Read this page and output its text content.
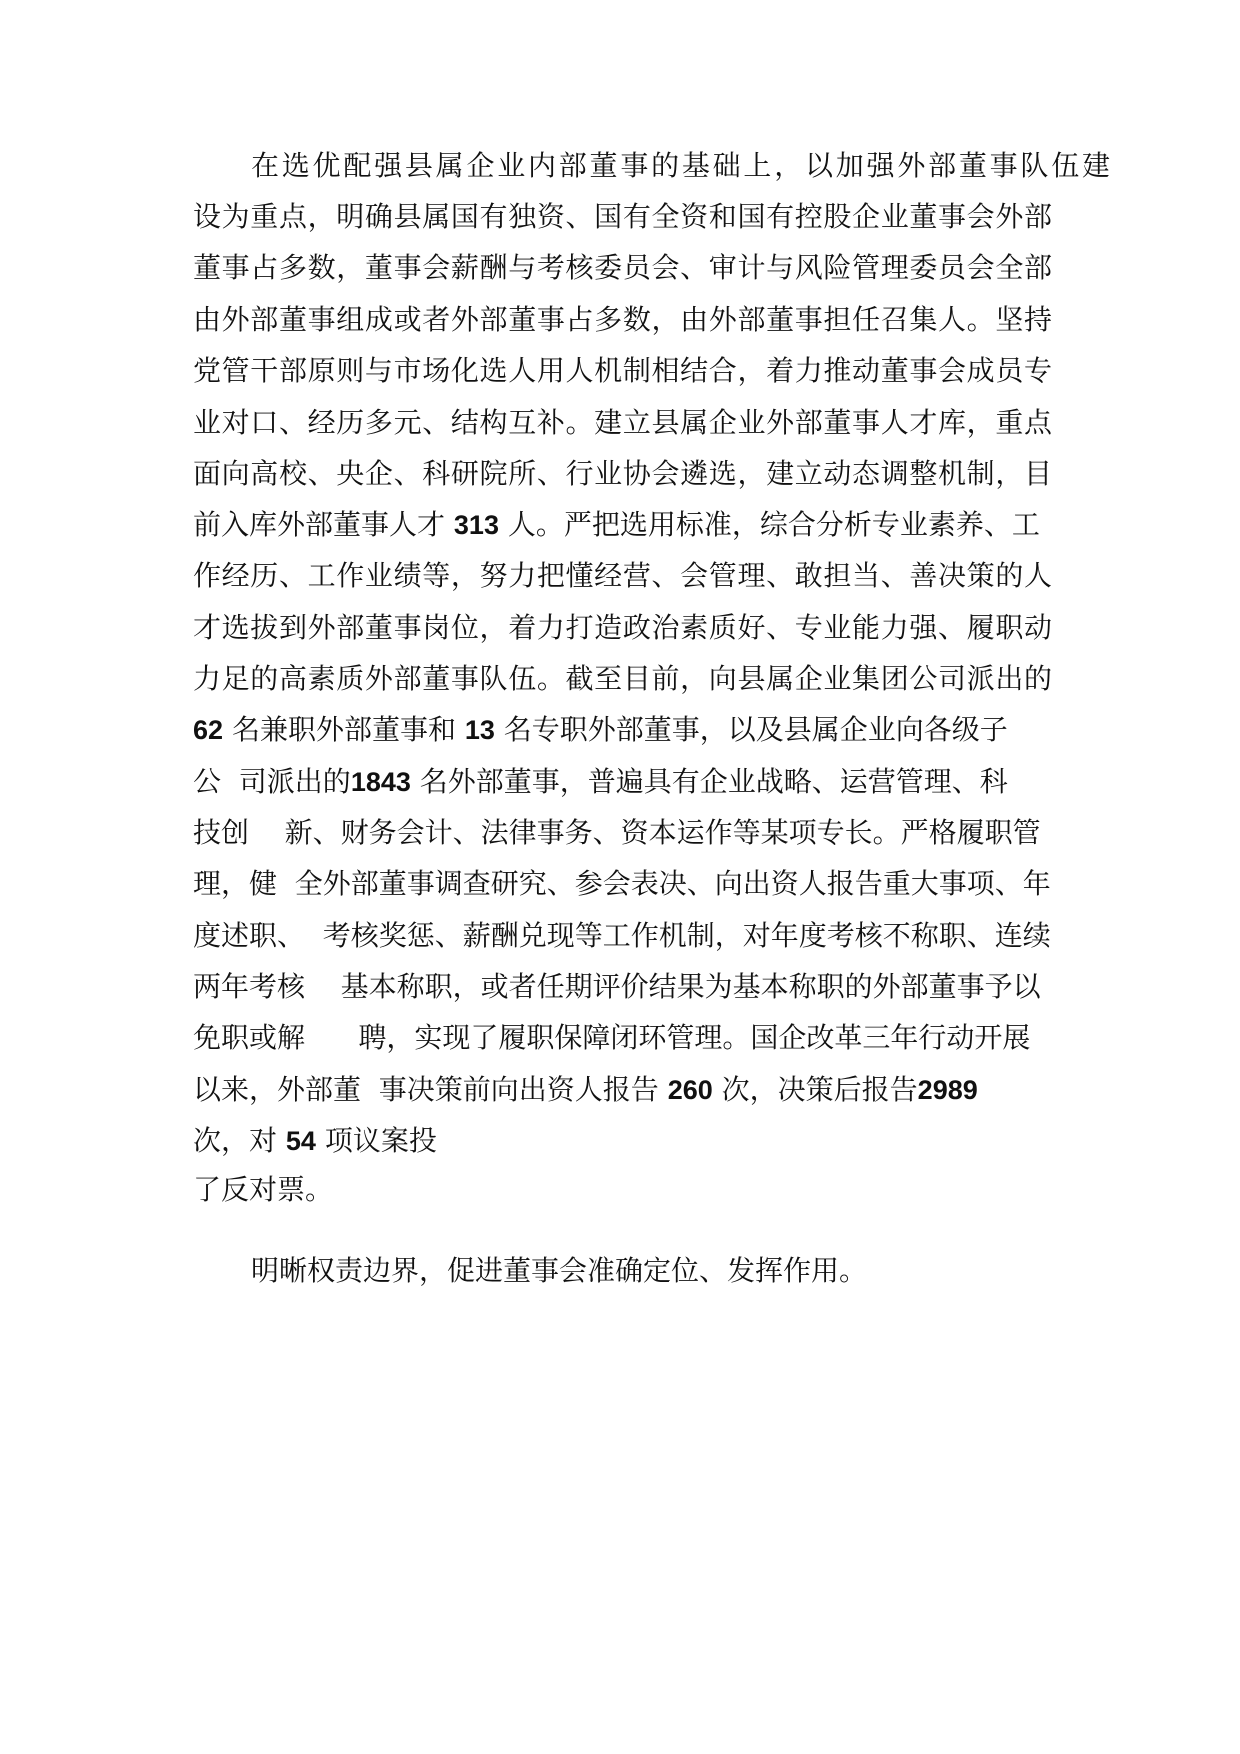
在选优配强县属企业内部董事的基础上，以加强外部董事队伍建
设为重点，明确县属国有独资、国有全资和国有控股企业董事会外部
董事占多数，董事会薪酬与考核委员会、审计与风险管理委员会全部
由外部董事组成或者外部董事占多数，由外部董事担任召集人。坚持
党管干部原则与市场化选人用人机制相结合，着力推动董事会成员专
业对口、经历多元、结构互补。建立县属企业外部董事人才库，重点
面向高校、央企、科研院所、行业协会遴选，建立动态调整机制，目
前入库外部董事人才 313 人。严把选用标准，综合分析专业素养、工
作经历、工作业绩等，努力把懂经营、会管理、敢担当、善决策的人
才选拔到外部董事岗位，着力打造政治素质好、专业能力强、履职动
力足的高素质外部董事队伍。截至目前，向县属企业集团公司派出的
62 名兼职外部董事和 13 名专职外部董事，以及县属企业向各级子
公  司派出的1843 名外部董事，普遍具有企业战略、运营管理、科
技创    新、财务会计、法律事务、资本运作等某项专长。严格履职管
理，健  全外部董事调查研究、参会表决、向出资人报告重大事项、年
度述职、  考核奖惩、薪酬兑现等工作机制，对年度考核不称职、连续
两年考核    基本称职，或者任期评价结果为基本称职的外部董事予以
免职或解      聘，实现了履职保障闭环管理。国企改革三年行动开展
以来，外部董  事决策前向出资人报告 260 次，决策后报告2989
次，对 54 项议案投
了反对票。
明晰权责边界，促进董事会准确定位、发挥作用。
